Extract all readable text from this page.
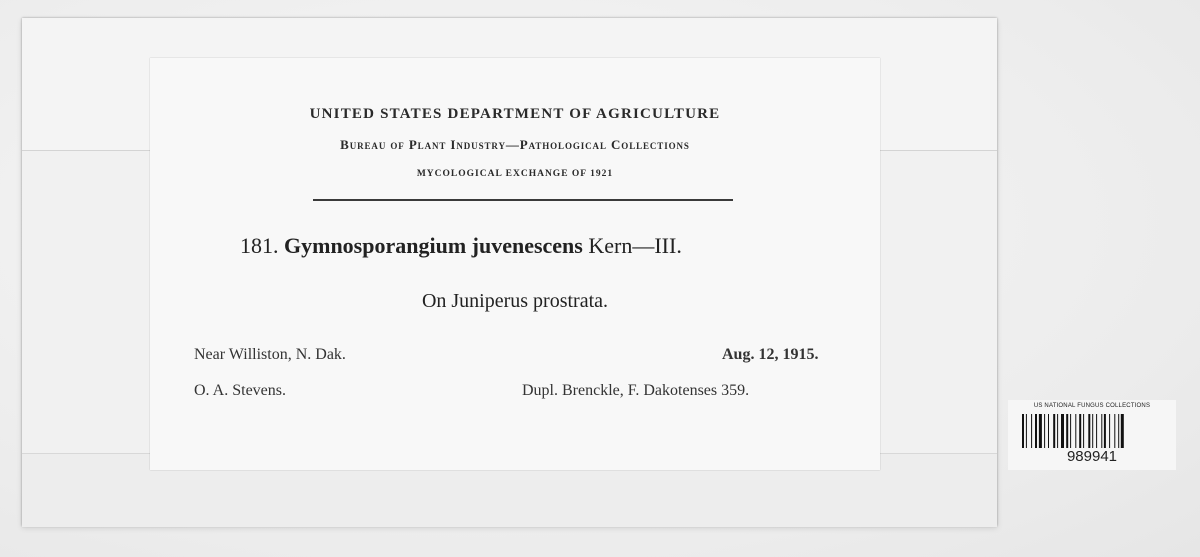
UNITED STATES DEPARTMENT OF AGRICULTURE
Bureau of Plant Industry—Pathological Collections
MYCOLOGICAL EXCHANGE OF 1921
181. Gymnosporangium juvenescens Kern—III.
On Juniperus prostrata.
Near Williston, N. Dak.	Aug. 12, 1915.
O. A. Stevens.	Dupl. Brenckle, F. Dakotenses 359.
US NATIONAL FUNGUS COLLECTIONS
989941
